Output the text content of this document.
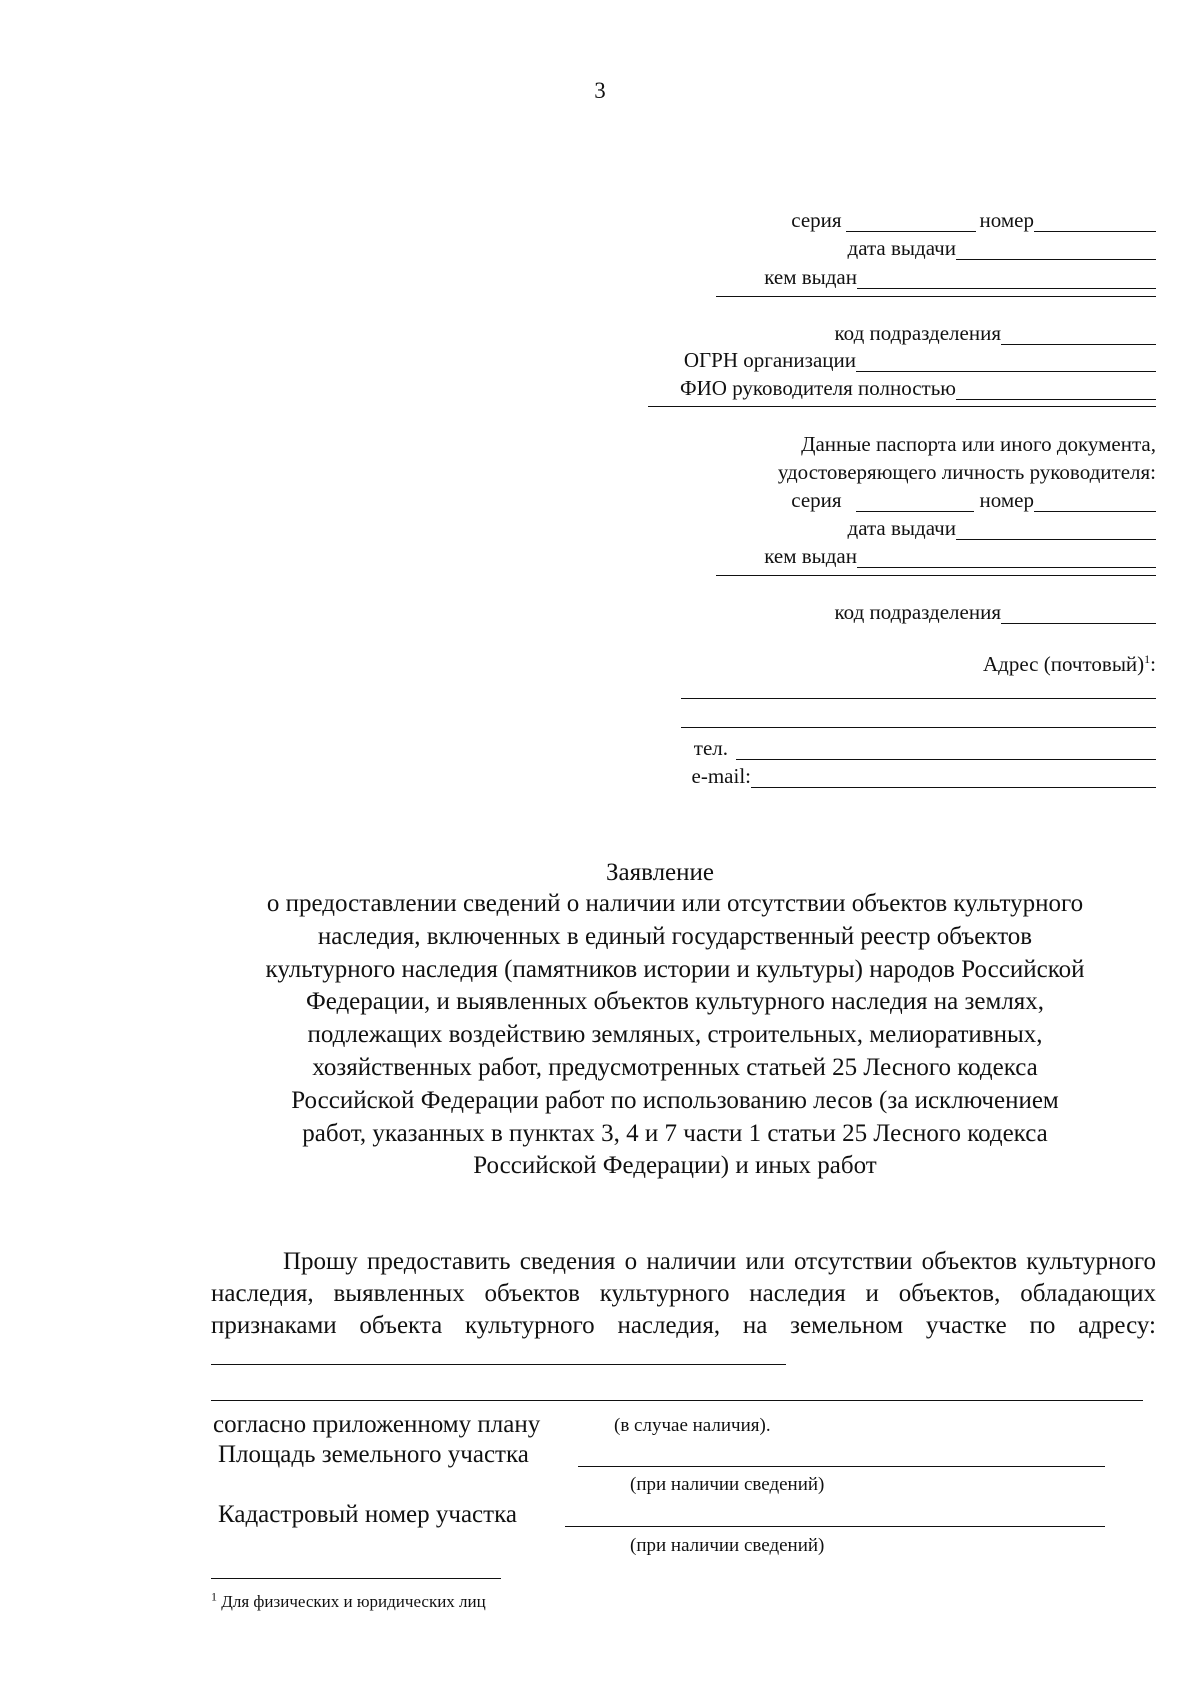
3
серия	номер
дата выдачи
кем выдан
код подразделения
ОГРН организации
ФИО руководителя полностью
Данные паспорта или иного документа,
удостоверяющего личность руководителя:
серия	номер
дата выдачи
кем выдан
код подразделения
Адрес (почтовый)$^1$:
тел.
e-mail:
Заявление
о предоставлении сведений о наличии или отсутствии объектов культурного
наследия, включенных в единый государственный реестр объектов
культурного наследия (памятников истории и культуры) народов Российской
Федерации, и выявленных объектов культурного наследия на землях,
подлежащих воздействию земляных, строительных, мелиоративных,
хозяйственных работ, предусмотренных статьей 25 Лесного кодекса
Российской Федерации работ по использованию лесов (за исключением
работ, указанных в пунктах 3, 4 и 7 части 1 статьи 25 Лесного кодекса
Российской Федерации) и иных работ
Прошу предоставить сведения о наличии или отсутствии объектов культурного наследия, выявленных объектов культурного наследия и объектов, обладающих признаками объекта культурного наследия, на земельном участке по адресу:
согласно приложенному плану	(в случае наличия).
Площадь земельного участка
(при наличии сведений)
Кадастровый номер участка
(при наличии сведений)
$^1$ Для физических и юридических лиц
